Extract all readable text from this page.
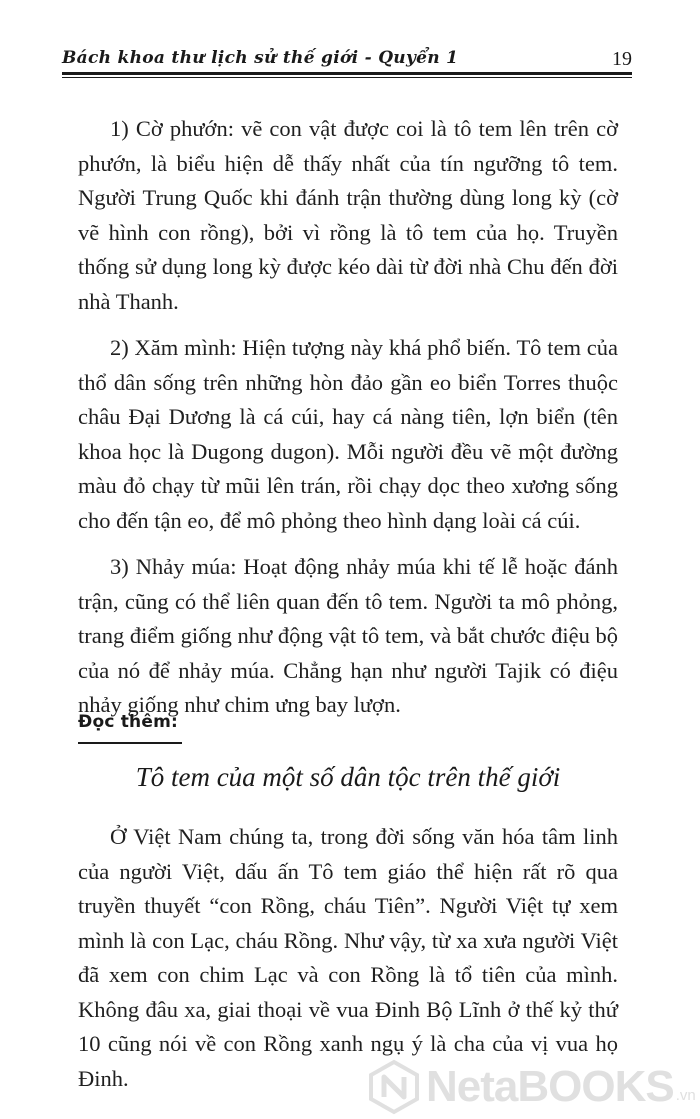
Bách khoa thư lịch sử thế giới - Quyển 1	19

1) Cờ phướn: vẽ con vật được coi là tô tem lên trên cờ phướn, là biểu hiện dễ thấy nhất của tín ngưỡng tô tem. Người Trung Quốc khi đánh trận thường dùng long kỳ (cờ vẽ hình con rồng), bởi vì rồng là tô tem của họ. Truyền thống sử dụng long kỳ được kéo dài từ đời nhà Chu đến đời nhà Thanh.

2) Xăm mình: Hiện tượng này khá phổ biến. Tô tem của thổ dân sống trên những hòn đảo gần eo biển Torres thuộc châu Đại Dương là cá cúi, hay cá nàng tiên, lợn biển (tên khoa học là Dugong dugon). Mỗi người đều vẽ một đường màu đỏ chạy từ mũi lên trán, rồi chạy dọc theo xương sống cho đến tận eo, để mô phỏng theo hình dạng loài cá cúi.

3) Nhảy múa: Hoạt động nhảy múa khi tế lễ hoặc đánh trận, cũng có thể liên quan đến tô tem. Người ta mô phỏng, trang điểm giống như động vật tô tem, và bắt chước điệu bộ của nó để nhảy múa. Chẳng hạn như người Tajik có điệu nhảy giống như chim ưng bay lượn.

Đọc thêm:
Tô tem của một số dân tộc trên thế giới

Ở Việt Nam chúng ta, trong đời sống văn hóa tâm linh của người Việt, dấu ấn Tô tem giáo thể hiện rất rõ qua truyền thuyết “con Rồng, cháu Tiên”. Người Việt tự xem mình là con Lạc, cháu Rồng. Như vậy, từ xa xưa người Việt đã xem con chim Lạc và con Rồng là tổ tiên của mình. Không đâu xa, giai thoại về vua Đinh Bộ Lĩnh ở thế kỷ thứ 10 cũng nói về con Rồng xanh ngụ ý là cha của vị vua họ Đinh.	NetaBOOKS .vn
